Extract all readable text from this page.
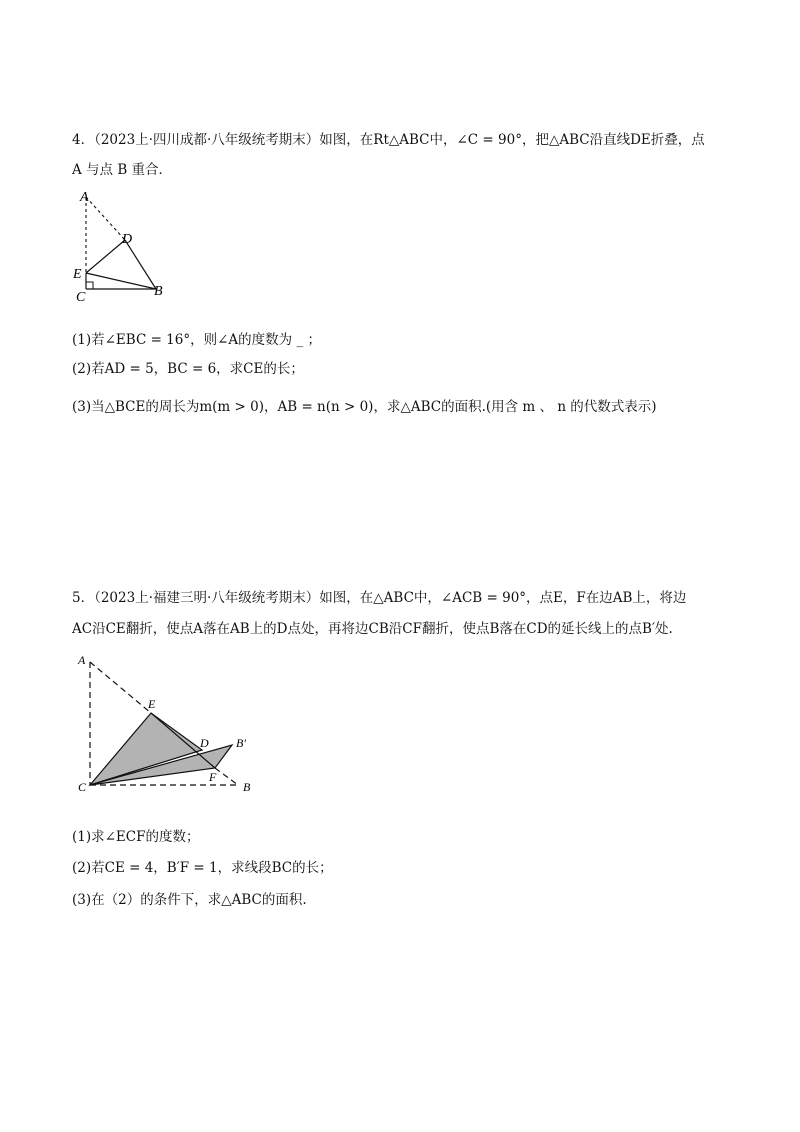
4．（2023上·四川成都·八年级统考期末）如图，在Rt△ABC中，∠C = 90°，把△ABC沿直线DE折叠，点
A 与点 B 重合．
A
D
E
C	B
(1)若∠EBC = 16°，则∠A的度数为 _ ；
(2)若AD = 5，BC = 6，求CE的长；
(3)当△BCE的周长为m(m > 0)，AB = n(n > 0)，求△ABC的面积.(用含 m 、 n 的代数式表示)
5．（2023上·福建三明·八年级统考期末）如图，在△ABC中，∠ACB = 90°，点E，F在边AB上，将边
AC沿CE翻折，使点A落在AB上的D点处，再将边CB沿CF翻折，使点B落在CD的延长线上的点B′处.
A
E
D B′
F
C	B
(1)求∠ECF的度数；
(2)若CE = 4，B′F = 1，求线段BC的长；
(3)在（2）的条件下，求△ABC的面积.
